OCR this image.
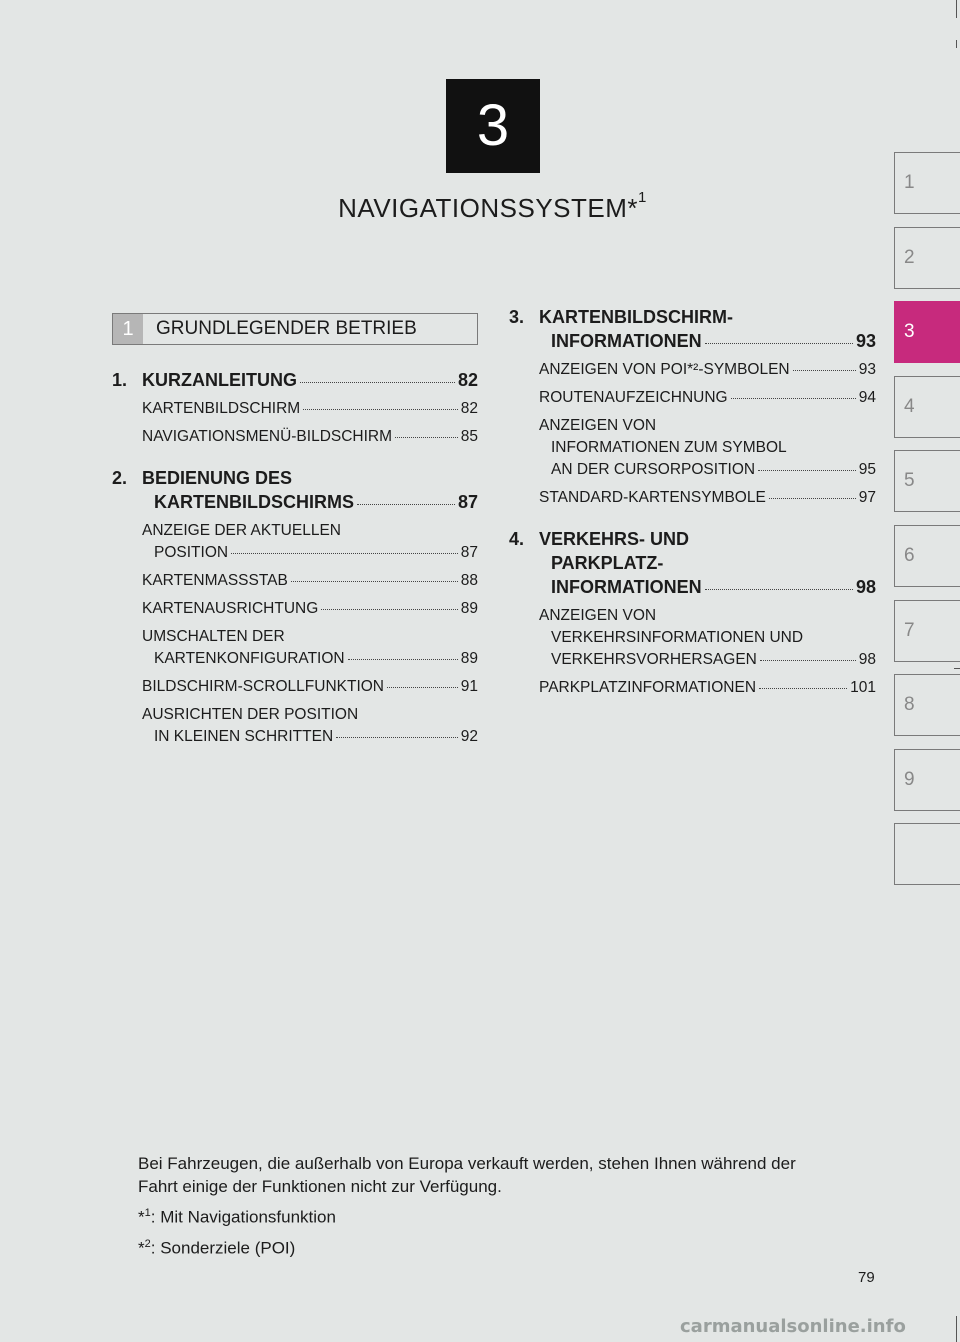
3
NAVIGATIONSSYSTEM*$^1$
1
2
3
4
5
6
7
8
9
1	GRUNDLEGENDER BETRIEB
1. KURZANLEITUNG	82
KARTENBILDSCHIRM	82
NAVIGATIONSMENÜ-BILDSCHIRM	85
2. BEDIENUNG DES
KARTENBILDSCHIRMS	87
ANZEIGE DER AKTUELLEN
POSITION	87
KARTENMASSSTAB	88
KARTENAUSRICHTUNG	89
UMSCHALTEN DER
KARTENKONFIGURATION	89
BILDSCHIRM-SCROLLFUNKTION	91
AUSRICHTEN DER POSITION
IN KLEINEN SCHRITTEN	92
3. KARTENBILDSCHIRM-
INFORMATIONEN	93
ANZEIGEN VON POI*²-SYMBOLEN	93
ROUTENAUFZEICHNUNG	94
ANZEIGEN VON
INFORMATIONEN ZUM SYMBOL
AN DER CURSORPOSITION	95
STANDARD-KARTENSYMBOLE	97
4. VERKEHRS- UND
PARKPLATZ-
INFORMATIONEN	98
ANZEIGEN VON
VERKEHRSINFORMATIONEN UND
VERKEHRSVORHERSAGEN	98
PARKPLATZINFORMATIONEN	101

Bei Fahrzeugen, die außerhalb von Europa verkauft werden, stehen Ihnen während der
Fahrt einige der Funktionen nicht zur Verfügung.

*$^1$: Mit Navigationsfunktion

*$^2$: Sonderziele (POI)

79
carmanualsonline.info
